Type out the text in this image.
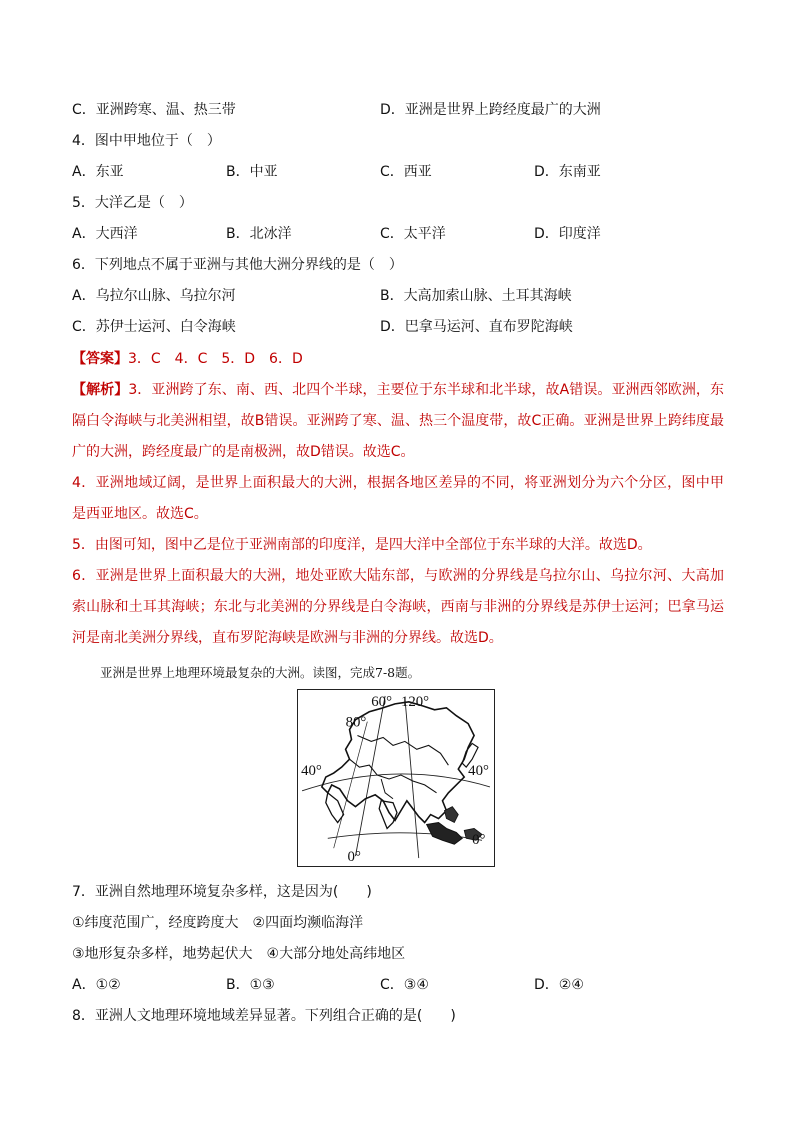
C．亚洲跨寒、温、热三带	D．亚洲是世界上跨经度最广的大洲
4．图中甲地位于（　）
A．东亚	B．中亚	C．西亚	D．东南亚
5．大洋乙是（　）
A．大西洋	B．北冰洋	C．太平洋	D．印度洋
6．下列地点不属于亚洲与其他大洲分界线的是（　）
A．乌拉尔山脉、乌拉尔河	B．大高加索山脉、土耳其海峡
C．苏伊士运河、白令海峡	D．巴拿马运河、直布罗陀海峡
【答案】3．C　4．C　5．D　6．D
【解析】3．亚洲跨了东、南、西、北四个半球，主要位于东半球和北半球，故A错误。亚洲西邻欧洲，东隔白令海峡与北美洲相望，故B错误。亚洲跨了寒、温、热三个温度带，故C正确。亚洲是世界上跨纬度最广的大洲，跨经度最广的是南极洲，故D错误。故选C。
4．亚洲地域辽阔，是世界上面积最大的大洲，根据各地区差异的不同，将亚洲划分为六个分区，图中甲是西亚地区。故选C。
5．由图可知，图中乙是位于亚洲南部的印度洋，是四大洋中全部位于东半球的大洋。故选D。
6．亚洲是世界上面积最大的大洲，地处亚欧大陆东部，与欧洲的分界线是乌拉尔山、乌拉尔河、大高加索山脉和土耳其海峡；东北与北美洲的分界线是白令海峡，西南与非洲的分界线是苏伊士运河；巴拿马运河是南北美洲分界线，直布罗陀海峡是欧洲与非洲的分界线。故选D。
亚洲是世界上地理环境最复杂的大洲。读图，完成7-8题。
60° 120°
80°
40°	40°
0°
0°
7．亚洲自然地理环境复杂多样，这是因为(　　)
①纬度范围广，经度跨度大　②四面均濒临海洋
③地形复杂多样，地势起伏大　④大部分地处高纬地区
A．①②	B．①③	C．③④	D．②④
8．亚洲人文地理环境地域差异显著。下列组合正确的是(　　)
